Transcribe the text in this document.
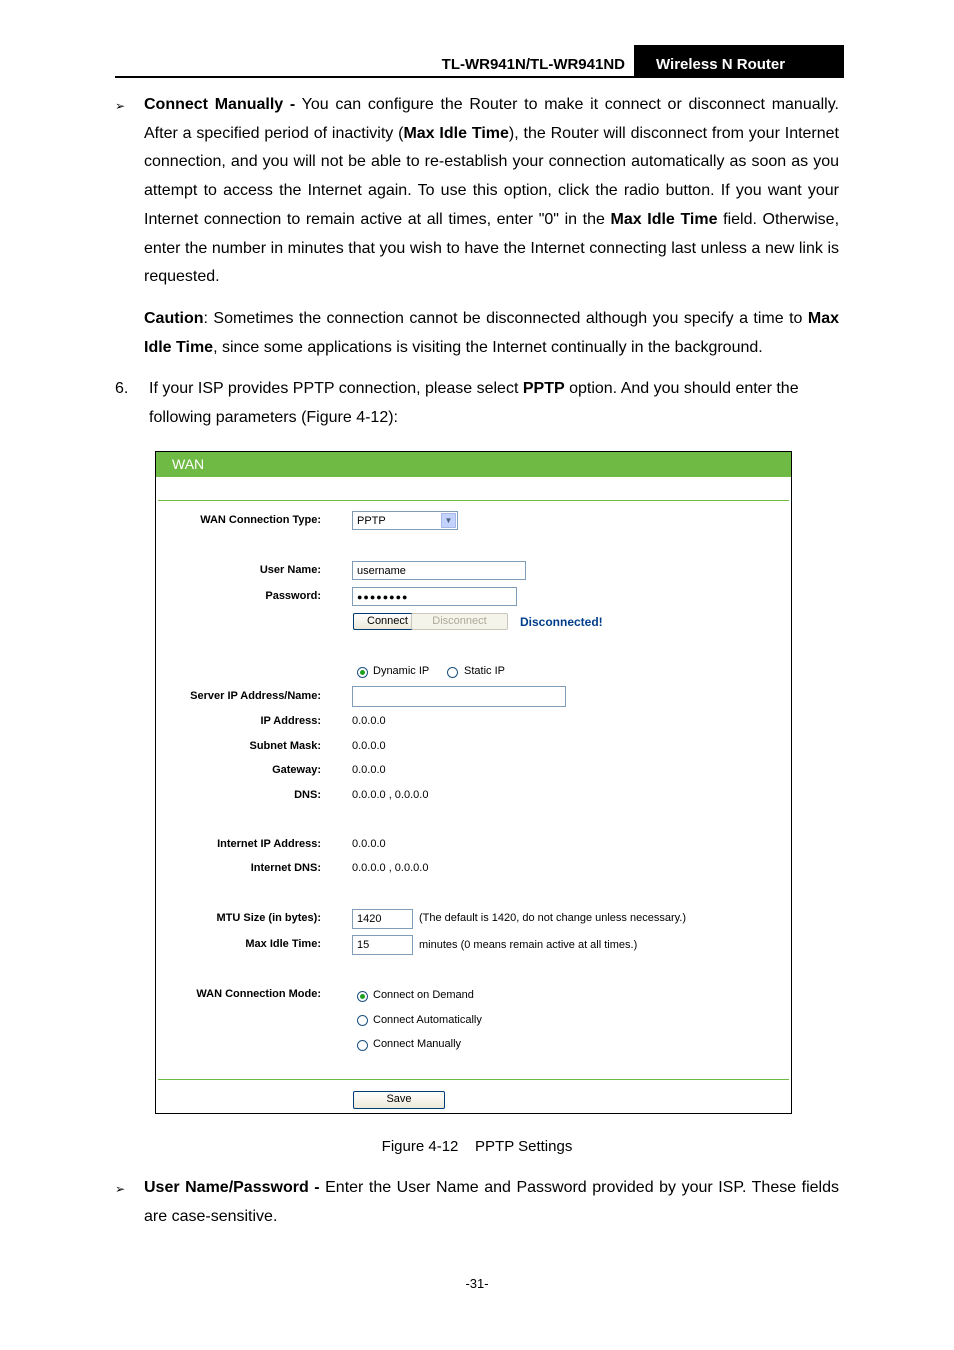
TL-WR941N/TL-WR941ND	Wireless N Router
➢ Connect Manually - You can configure the Router to make it connect or disconnect manually. After a specified period of inactivity (Max Idle Time), the Router will disconnect from your Internet connection, and you will not be able to re-establish your connection automatically as soon as you attempt to access the Internet again. To use this option, click the radio button. If you want your Internet connection to remain active at all times, enter "0" in the Max Idle Time field. Otherwise, enter the number in minutes that you wish to have the Internet connecting last unless a new link is requested.
Caution: Sometimes the connection cannot be disconnected although you specify a time to Max Idle Time, since some applications is visiting the Internet continually in the background.
6. If your ISP provides PPTP connection, please select PPTP option. And you should enter the following parameters (Figure 4-12):
WAN
WAN Connection Type:	PPTP	▼
User Name:	username
Password:	●●●●●●●●
Connect	Disconnect	Disconnected!
Dynamic IP	Static IP
Server IP Address/Name:
IP Address:	0.0.0.0
Subnet Mask:	0.0.0.0
Gateway:	0.0.0.0
DNS:	0.0.0.0 , 0.0.0.0
Internet IP Address:	0.0.0.0
Internet DNS:	0.0.0.0 , 0.0.0.0
MTU Size (in bytes):	1420	(The default is 1420, do not change unless necessary.)
Max Idle Time:	15	minutes (0 means remain active at all times.)
WAN Connection Mode:	Connect on Demand
Connect Automatically
Connect Manually
Save
Figure 4-12    PPTP Settings
➢ User Name/Password - Enter the User Name and Password provided by your ISP. These fields are case-sensitive.
-31-
